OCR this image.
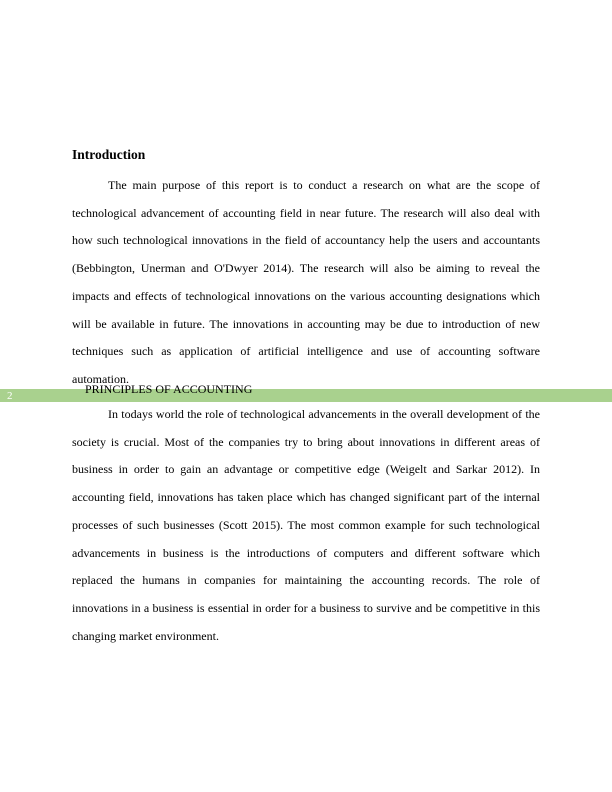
Introduction

The main purpose of this report is to conduct a research on what are the scope of technological advancement of accounting field in near future. The research will also deal with how such technological innovations in the field of accountancy help the users and accountants (Bebbington, Unerman and O'Dwyer 2014). The research will also be aiming to reveal the impacts and effects of technological innovations on the various accounting designations which will be available in future. The innovations in accounting may be due to introduction of new techniques such as application of artificial intelligence and use of accounting software automation.

2	PRINCIPLES OF ACCOUNTING

In todays world the role of technological advancements in the overall development of the society is crucial. Most of the companies try to bring about innovations in different areas of business in order to gain an advantage or competitive edge (Weigelt and Sarkar 2012). In accounting field, innovations has taken place which has changed significant part of the internal processes of such businesses (Scott 2015). The most common example for such technological advancements in business is the introductions of computers and different software which replaced the humans in companies for maintaining the accounting records. The role of innovations in a business is essential in order for a business to survive and be competitive in this changing market environment.
